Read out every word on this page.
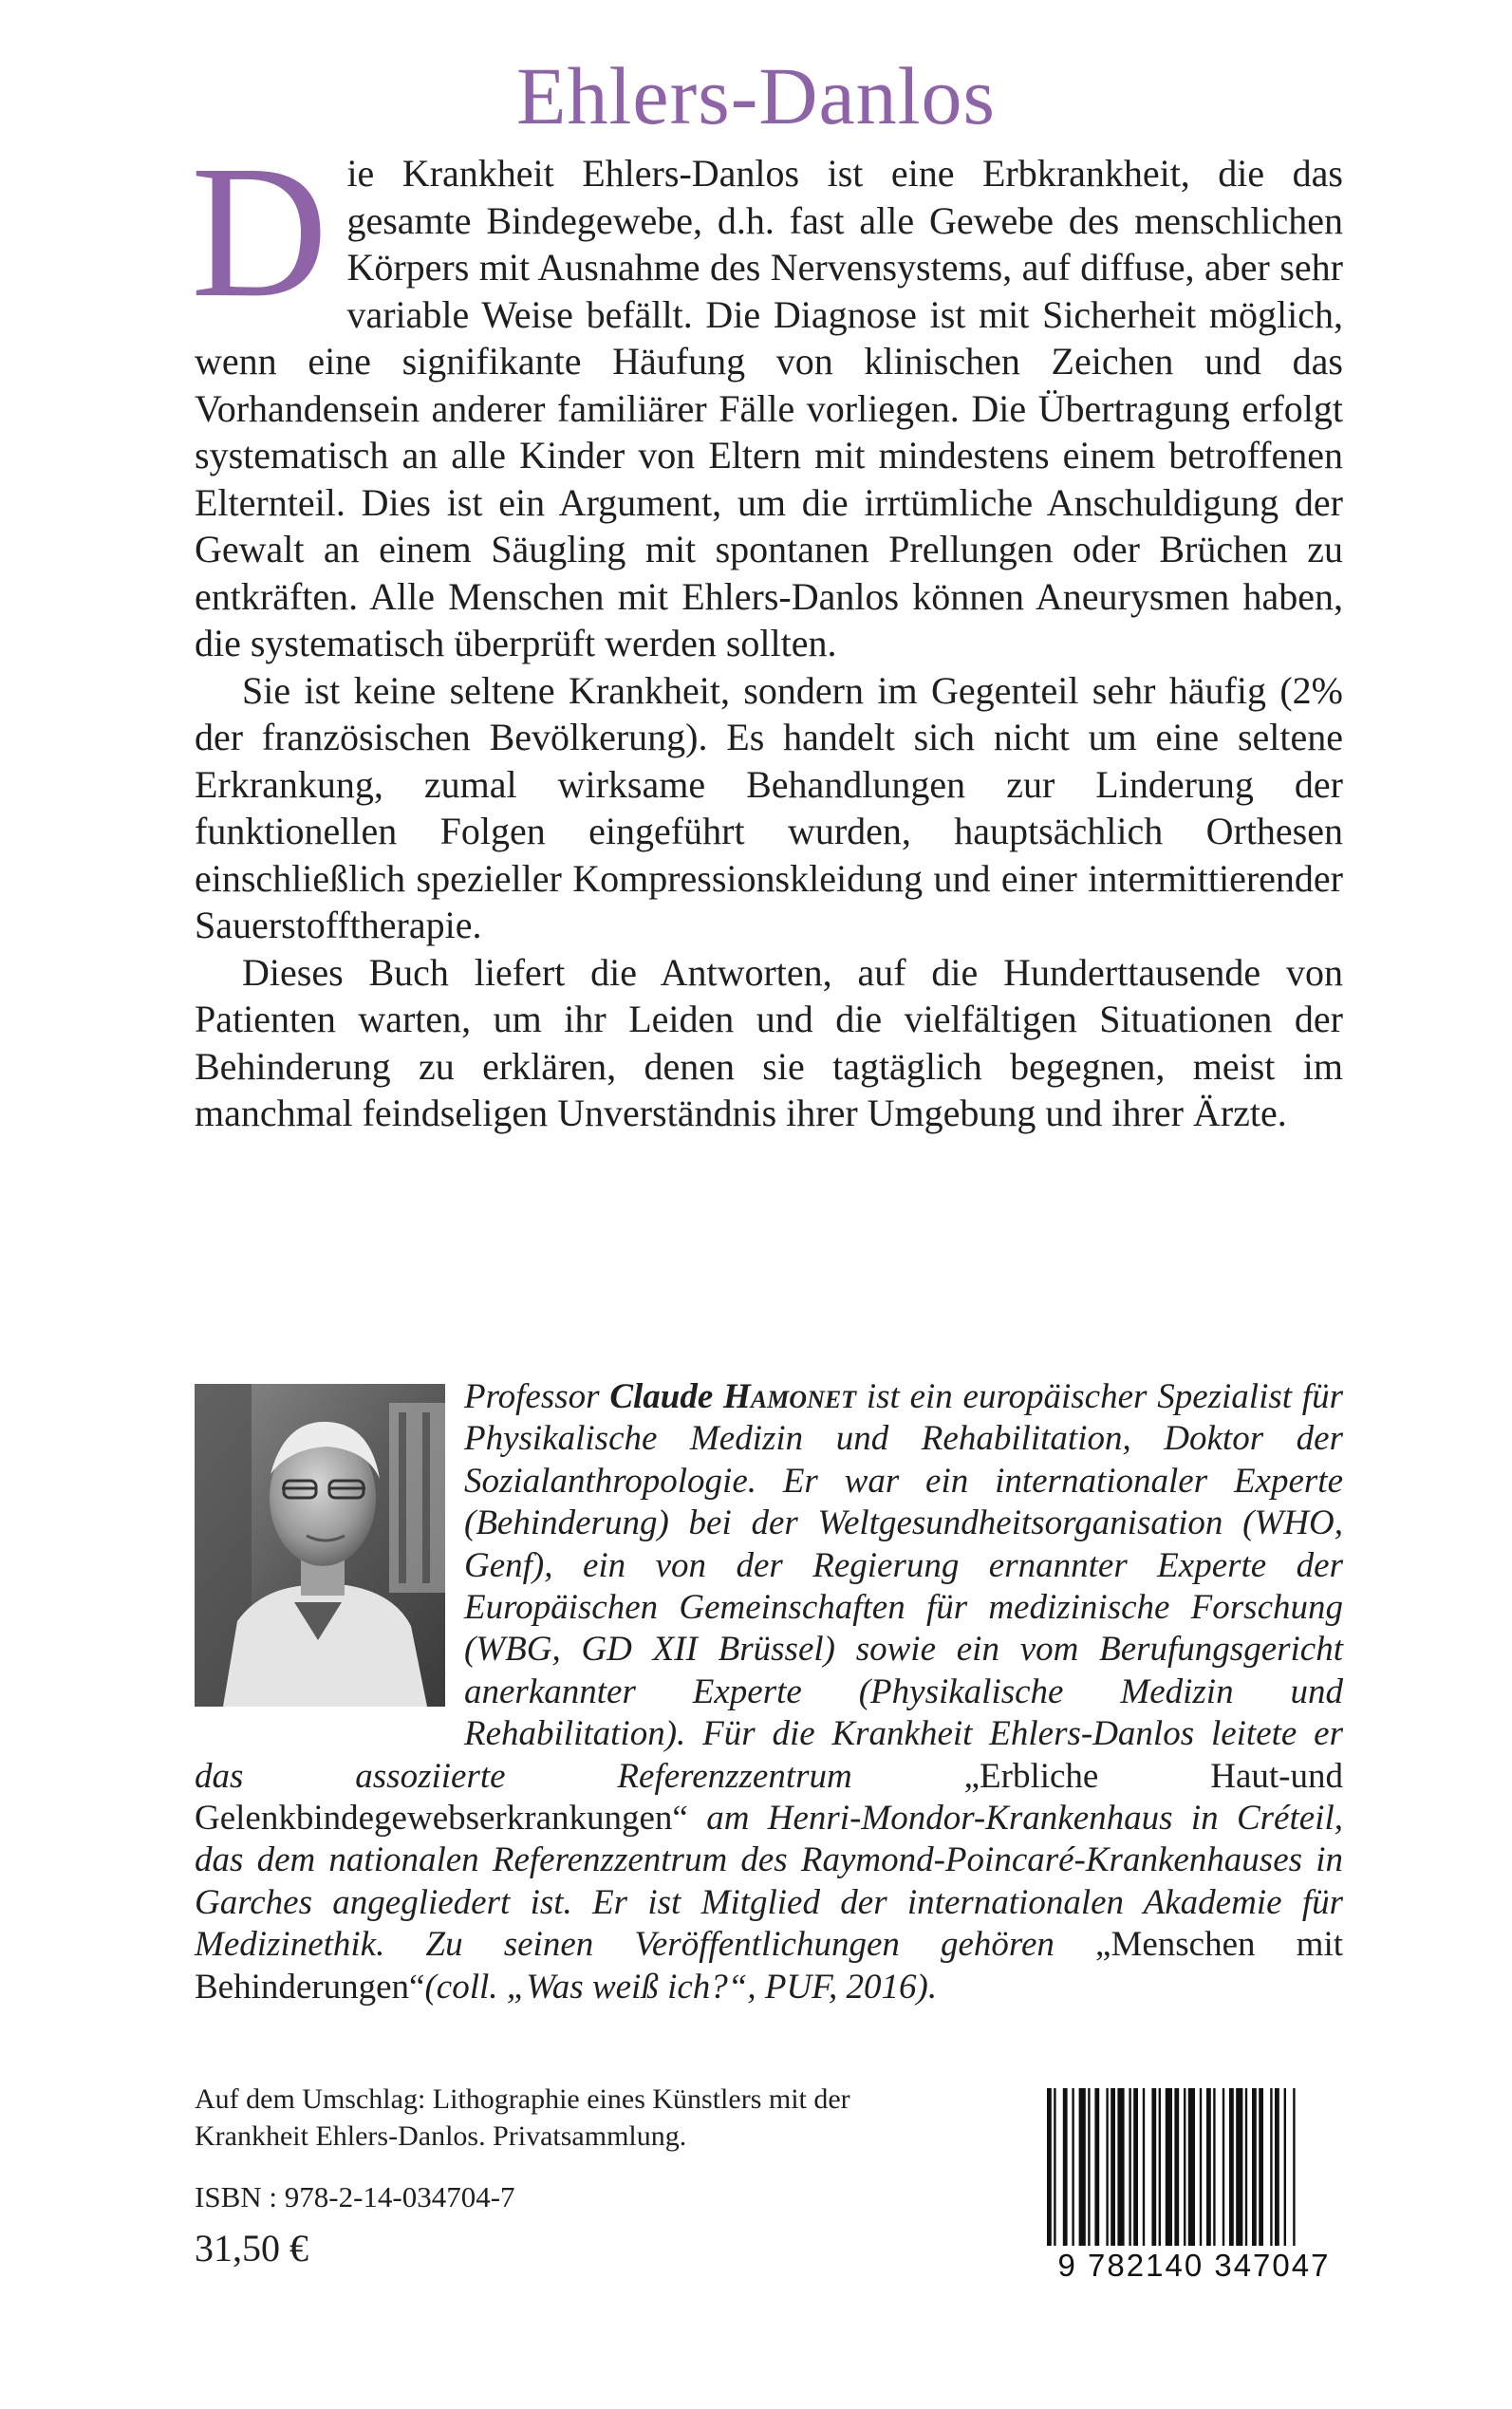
Ehlers-Danlos

Die Krankheit Ehlers-Danlos ist eine Erbkrankheit, die das gesamte Bindegewebe, d.h. fast alle Gewebe des menschlichen Körpers mit Ausnahme des Nervensystems, auf diffuse, aber sehr variable Weise befällt. Die Diagnose ist mit Sicherheit möglich, wenn eine signifikante Häufung von klinischen Zeichen und das Vorhandensein anderer familiärer Fälle vorliegen. Die Übertragung erfolgt systematisch an alle Kinder von Eltern mit mindestens einem betroffenen Elternteil. Dies ist ein Argument, um die irrtümliche Anschuldigung der Gewalt an einem Säugling mit spontanen Prellungen oder Brüchen zu entkräften. Alle Menschen mit Ehlers-Danlos können Aneurysmen haben, die systematisch überprüft werden sollten.

Sie ist keine seltene Krankheit, sondern im Gegenteil sehr häufig (2% der französischen Bevölkerung). Es handelt sich nicht um eine seltene Erkrankung, zumal wirksame Behandlungen zur Linderung der funktionellen Folgen eingeführt wurden, hauptsächlich Orthesen einschließlich spezieller Kompressionskleidung und einer intermittierender Sauerstofftherapie.

Dieses Buch liefert die Antworten, auf die Hunderttausende von Patienten warten, um ihr Leiden und die vielfältigen Situationen der Behinderung zu erklären, denen sie tagtäglich begegnen, meist im manchmal feindseligen Unverständnis ihrer Umgebung und ihrer Ärzte.

Professor Claude Hamonet ist ein europäischer Spezialist für Physikalische Medizin und Rehabilitation, Doktor der Sozialanthropologie. Er war ein internationaler Experte (Behinderung) bei der Weltgesundheitsorganisation (WHO, Genf), ein von der Regierung ernannter Experte der Europäischen Gemeinschaften für medizinische Forschung (WBG, GD XII Brüssel) sowie ein vom Berufungsgericht anerkannter Experte (Physikalische Medizin und Rehabilitation). Für die Krankheit Ehlers-Danlos leitete er das assoziierte Referenzzentrum „Erbliche Haut-und Gelenkbindegewebserkrankungen“ am Henri-Mondor-Krankenhaus in Créteil, das dem nationalen Referenzzentrum des Raymond-Poincaré-Krankenhauses in Garches angegliedert ist. Er ist Mitglied der internationalen Akademie für Medizinethik. Zu seinen Veröffentlichungen gehören „Menschen mit Behinderungen“(coll. „Was weiß ich?“, PUF, 2016).
Auf dem Umschlag: Lithographie eines Künstlers mit der Krankheit Ehlers-Danlos. Privatsammlung.
ISBN : 978-2-14-034704-7
31,50 €	9 782140 347047
